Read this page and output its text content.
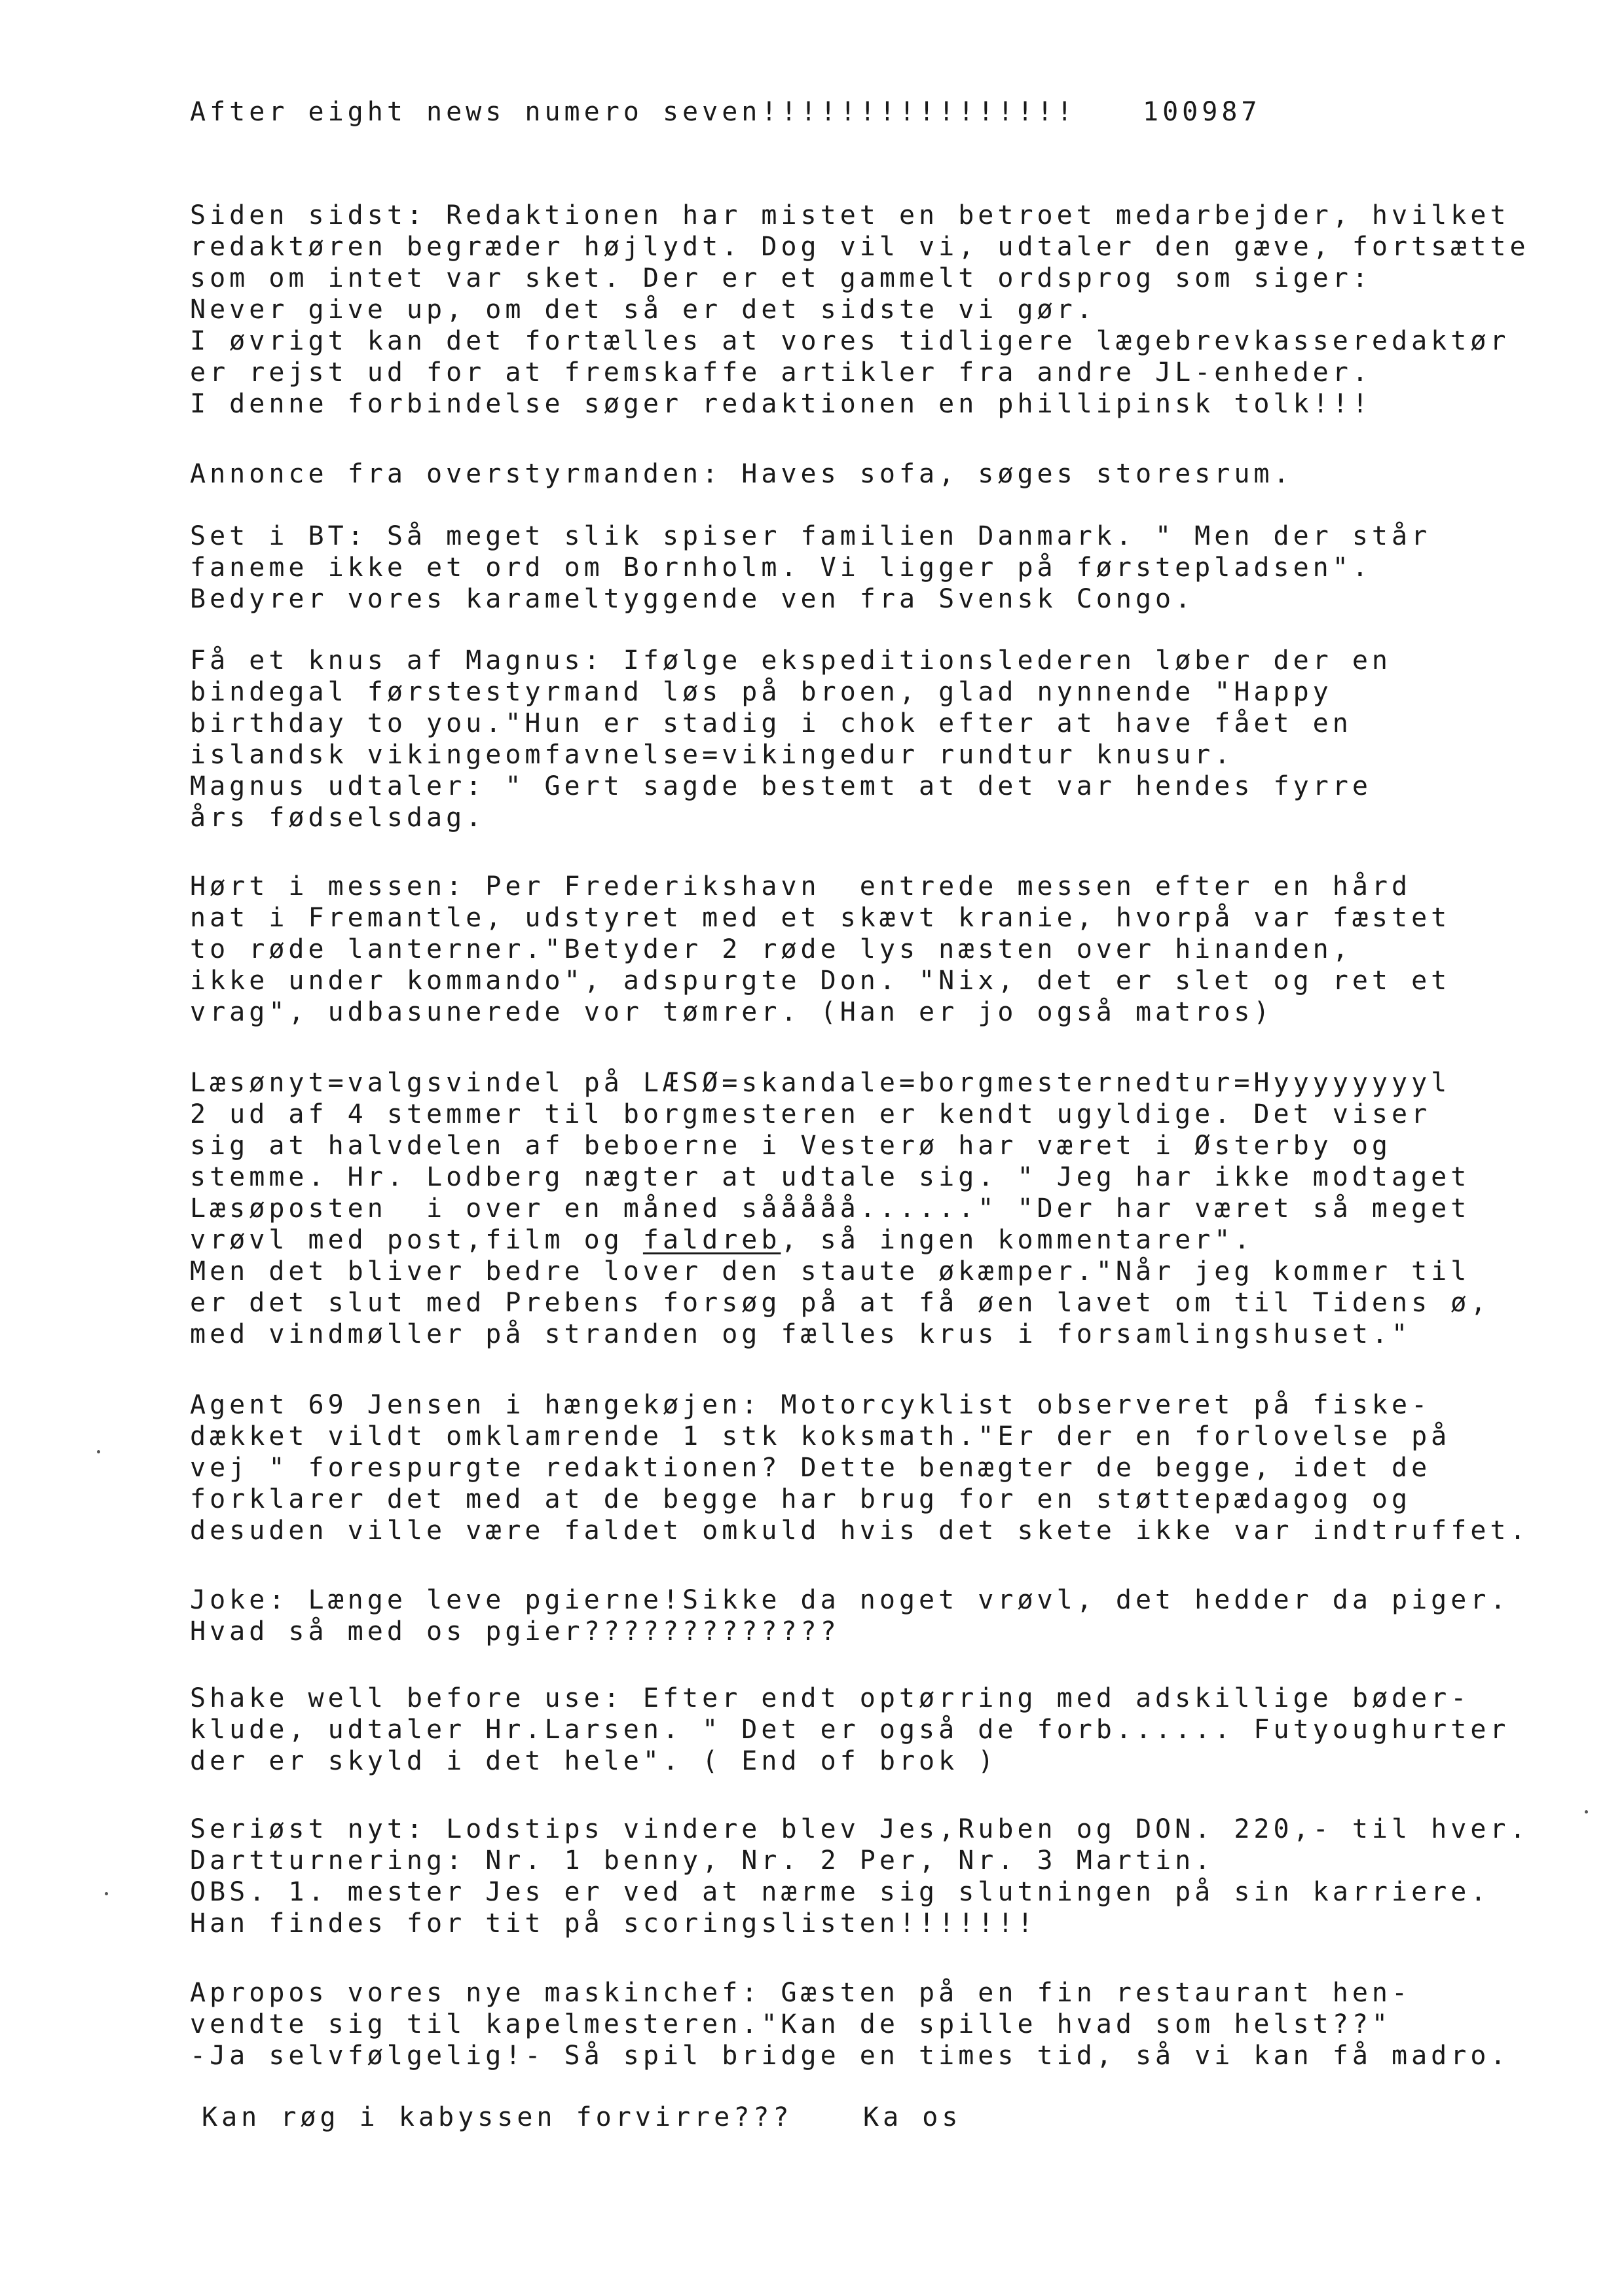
After eight news numero seven!!!!!!!!!!!!!!!!	100987
Siden sidst: Redaktionen har mistet en betroet medarbejder, hvilket
redaktøren begræder højlydt. Dog vil vi, udtaler den gæve, fortsætte
som om intet var sket. Der er et gammelt ordsprog som siger:
Never give up, om det så er det sidste vi gør.
I øvrigt kan det fortælles at vores tidligere lægebrevkasseredaktør
er rejst ud for at fremskaffe artikler fra andre JL-enheder.
I denne forbindelse søger redaktionen en phillipinsk tolk!!!
Annonce fra overstyrmanden: Haves sofa, søges storesrum.
Set i BT: Så meget slik spiser familien Danmark. " Men der står
faneme ikke et ord om Bornholm. Vi ligger på førstepladsen".
Bedyrer vores karameltyggende ven fra Svensk Congo.
Få et knus af Magnus: Ifølge ekspeditionslederen løber der en
bindegal førstestyrmand løs på broen, glad nynnende "Happy
birthday to you."Hun er stadig i chok efter at have fået en
islandsk vikingeomfavnelse=vikingedur rundtur knusur.
Magnus udtaler: " Gert sagde bestemt at det var hendes fyrre
års fødselsdag.
Hørt i messen: Per Frederikshavn  entrede messen efter en hård
nat i Fremantle, udstyret med et skævt kranie, hvorpå var fæstet
to røde lanterner."Betyder 2 røde lys næsten over hinanden,
ikke under kommando", adspurgte Don. "Nix, det er slet og ret et
vrag", udbasunerede vor tømrer. (Han er jo også matros)
Læsønyt=valgsvindel på LÆSØ=skandale=borgmesternedtur=Hyyyyyyyyl
2 ud af 4 stemmer til borgmesteren er kendt ugyldige. Det viser
sig at halvdelen af beboerne i Vesterø har været i Østerby og
stemme. Hr. Lodberg nægter at udtale sig. " Jeg har ikke modtaget
Læsøposten  i over en måned sååååå......" "Der har været så meget
vrøvl med post,film og faldreb, så ingen kommentarer".
Men det bliver bedre lover den staute økæmper."Når jeg kommer til
er det slut med Prebens forsøg på at få øen lavet om til Tidens ø,
med vindmøller på stranden og fælles krus i forsamlingshuset."
Agent 69 Jensen i hængekøjen: Motorcyklist observeret på fiske-
dækket vildt omklamrende 1 stk koksmath."Er der en forlovelse på
vej " forespurgte redaktionen? Dette benægter de begge, idet de
forklarer det med at de begge har brug for en støttepædagog og
desuden ville være faldet omkuld hvis det skete ikke var indtruffet.
Joke: Længe leve pgierne!Sikke da noget vrøvl, det hedder da piger.
Hvad så med os pgier?????????????
Shake well before use: Efter endt optørring med adskillige bøder-
klude, udtaler Hr.Larsen. " Det er også de forb...... Futyoughurter
der er skyld i det hele". ( End of brok )
Seriøst nyt: Lodstips vindere blev Jes,Ruben og DON. 220,- til hver.
Dartturnering: Nr. 1 benny, Nr. 2 Per, Nr. 3 Martin.
OBS. 1. mester Jes er ved at nærme sig slutningen på sin karriere.
Han findes for tit på scoringslisten!!!!!!!
Apropos vores nye maskinchef: Gæsten på en fin restaurant hen-
vendte sig til kapelmesteren."Kan de spille hvad som helst??"
-Ja selvfølgelig!- Så spil bridge en times tid, så vi kan få madro.
Kan røg i kabyssen forvirre???	Ka os
